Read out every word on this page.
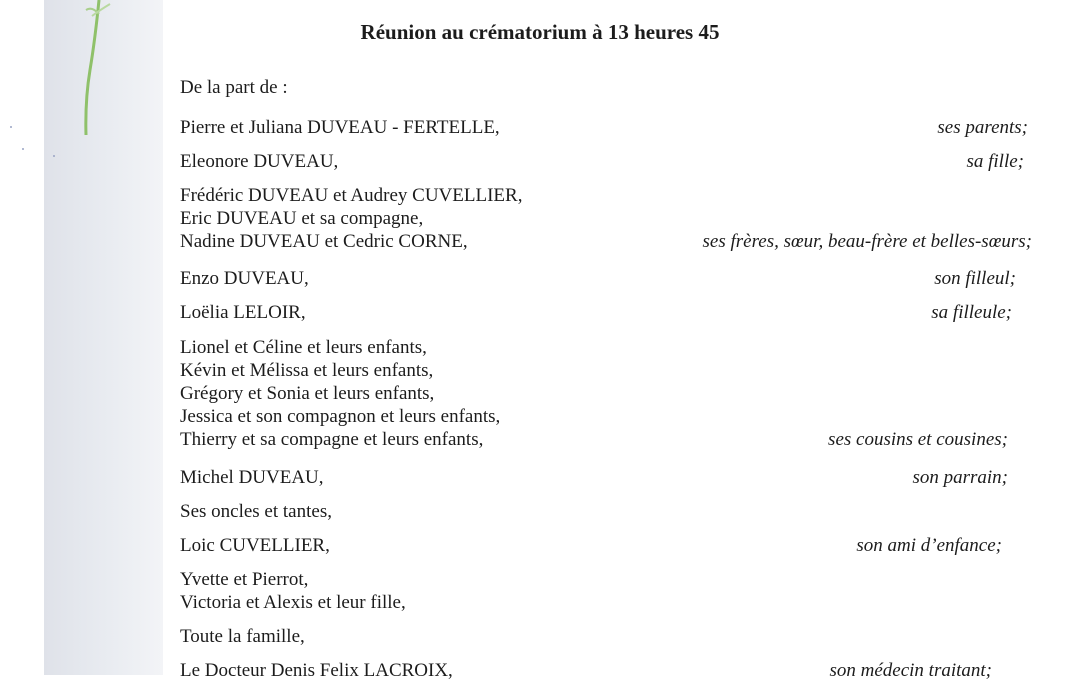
Réunion au crématorium à 13 heures 45
De la part de :
Pierre et Juliana DUVEAU - FERTELLE,	ses parents;
Eleonore DUVEAU,	sa fille;
Frédéric DUVEAU et Audrey CUVELLIER,
Eric DUVEAU et sa compagne,
Nadine DUVEAU et Cedric CORNE,	ses frères, sœur, beau-frère et belles-sœurs;
Enzo DUVEAU,	son filleul;
Loëlia LELOIR,	sa filleule;
Lionel et Céline et leurs enfants,
Kévin et Mélissa et leurs enfants,
Grégory et Sonia et leurs enfants,
Jessica et son compagnon et leurs enfants,
Thierry et sa compagne et leurs enfants,	ses cousins et cousines;
Michel DUVEAU,	son parrain;
Ses oncles et tantes,
Loic CUVELLIER,	son ami d’enfance;
Yvette et Pierrot,
Victoria et Alexis et leur fille,
Toute la famille,
Le Docteur Denis Felix LACROIX,	son médecin traitant;
